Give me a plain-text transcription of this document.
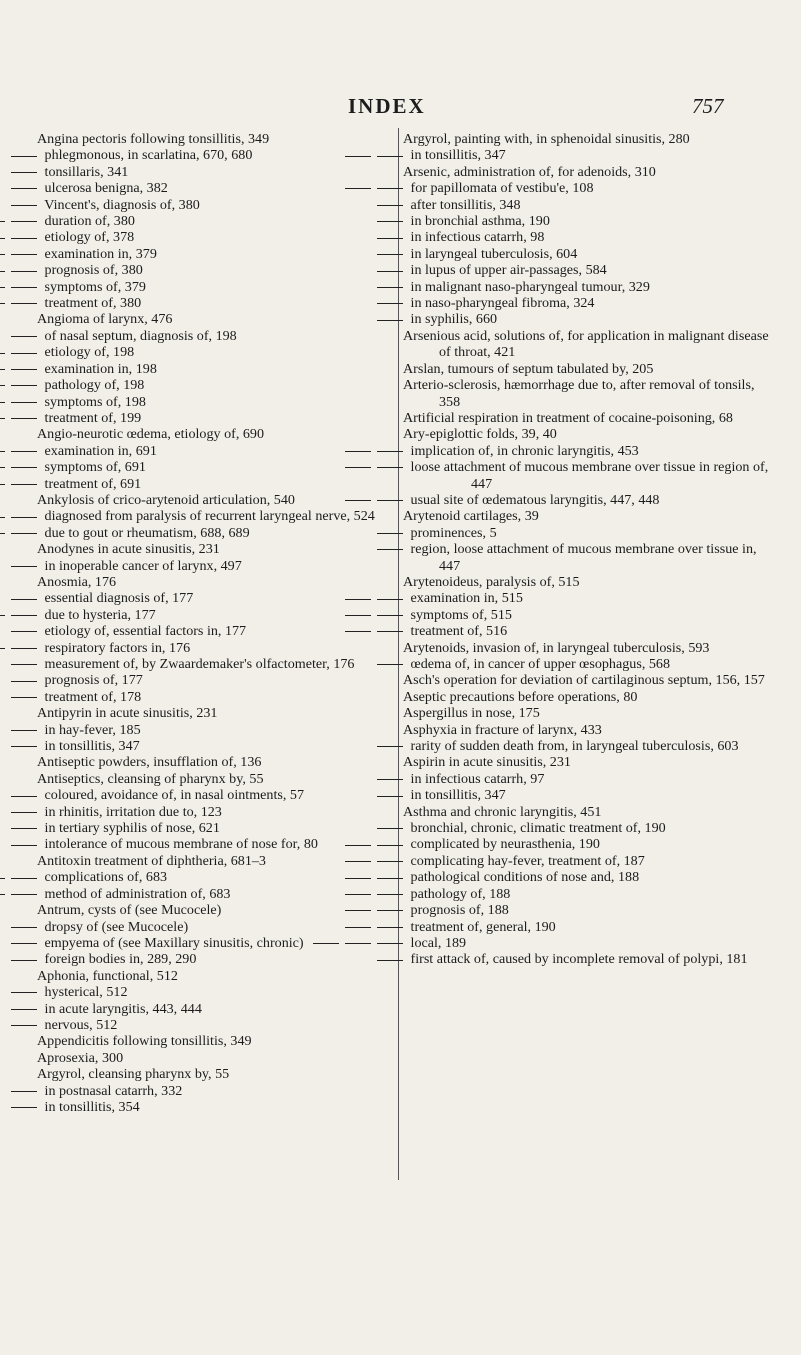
INDEX	757
Angina pectoris following tonsillitis, 349
phlegmonous, in scarlatina, 670, 680
tonsillaris, 341
ulcerosa benigna, 382
Vincent's, diagnosis of, 380
duration of, 380
etiology of, 378
examination in, 379
prognosis of, 380
symptoms of, 379
treatment of, 380
Angioma of larynx, 476
of nasal septum, diagnosis of, 198
etiology of, 198
examination in, 198
pathology of, 198
symptoms of, 198
treatment of, 199
Angio-neurotic œdema, etiology of, 690
examination in, 691
symptoms of, 691
treatment of, 691
Ankylosis of crico-arytenoid articulation, 540
diagnosed from paralysis of recurrent laryngeal nerve, 524
due to gout or rheumatism, 688, 689
Anodynes in acute sinusitis, 231
in inoperable cancer of larynx, 497
Anosmia, 176
essential diagnosis of, 177
due to hysteria, 177
etiology of, essential factors in, 177
respiratory factors in, 176
measurement of, by Zwaardemaker's olfactometer, 176
prognosis of, 177
treatment of, 178
Antipyrin in acute sinusitis, 231
in hay-fever, 185
in tonsillitis, 347
Antiseptic powders, insufflation of, 136
Antiseptics, cleansing of pharynx by, 55
coloured, avoidance of, in nasal ointments, 57
in rhinitis, irritation due to, 123
in tertiary syphilis of nose, 621
intolerance of mucous membrane of nose for, 80
Antitoxin treatment of diphtheria, 681–3
complications of, 683
method of administration of, 683
Antrum, cysts of (see Mucocele)
dropsy of (see Mucocele)
empyema of (see Maxillary sinusitis, chronic)
foreign bodies in, 289, 290
Aphonia, functional, 512
hysterical, 512
in acute laryngitis, 443, 444
nervous, 512
Appendicitis following tonsillitis, 349
Aprosexia, 300
Argyrol, cleansing pharynx by, 55
in postnasal catarrh, 332
in tonsillitis, 354
Argyrol, painting with, in sphenoidal sinusitis, 280
in tonsillitis, 347
Arsenic, administration of, for adenoids, 310
for papillomata of vestibu'e, 108
after tonsillitis, 348
in bronchial asthma, 190
in infectious catarrh, 98
in laryngeal tuberculosis, 604
in lupus of upper air-passages, 584
in malignant naso-pharyngeal tumour, 329
in naso-pharyngeal fibroma, 324
in syphilis, 660
Arsenious acid, solutions of, for application in malignant disease of throat, 421
Arslan, tumours of septum tabulated by, 205
Arterio-sclerosis, hæmorrhage due to, after removal of tonsils, 358
Artificial respiration in treatment of cocaine-poisoning, 68
Ary-epiglottic folds, 39, 40
implication of, in chronic laryngitis, 453
loose attachment of mucous membrane over tissue in region of, 447
usual site of œdematous laryngitis, 447, 448
Arytenoid cartilages, 39
prominences, 5
region, loose attachment of mucous membrane over tissue in, 447
Arytenoideus, paralysis of, 515
examination in, 515
symptoms of, 515
treatment of, 516
Arytenoids, invasion of, in laryngeal tuberculosis, 593
œdema of, in cancer of upper œsophagus, 568
Asch's operation for deviation of cartilaginous septum, 156, 157
Aseptic precautions before operations, 80
Aspergillus in nose, 175
Asphyxia in fracture of larynx, 433
rarity of sudden death from, in laryngeal tuberculosis, 603
Aspirin in acute sinusitis, 231
in infectious catarrh, 97
in tonsillitis, 347
Asthma and chronic laryngitis, 451
bronchial, chronic, climatic treatment of, 190
complicated by neurasthenia, 190
complicating hay-fever, treatment of, 187
pathological conditions of nose and, 188
pathology of, 188
prognosis of, 188
treatment of, general, 190
local, 189
first attack of, caused by incomplete removal of polypi, 181
